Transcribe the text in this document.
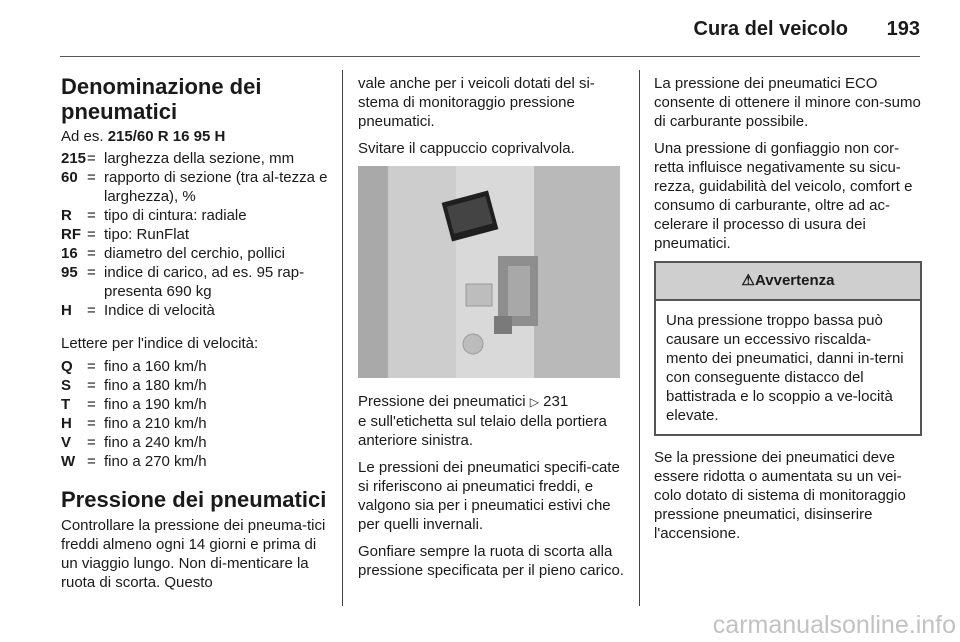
Cura del veicolo 193
Denominazione dei pneumatici
Ad es. 215/60 R 16 95 H
215 = larghezza della sezione, mm
60 = rapporto di sezione (tra al-tezza e larghezza), %
R	= tipo di cintura: radiale
RF = tipo: RunFlat
16 = diametro del cerchio, pollici
95 = indice di carico, ad es. 95 rap-presenta 690 kg
H	= Indice di velocità
Lettere per l'indice di velocità:
Q = fino a 160 km/h
S	= fino a 180 km/h
T	= fino a 190 km/h
H	= fino a 210 km/h
V	= fino a 240 km/h
W = fino a 270 km/h
Pressione dei pneumatici
Controllare la pressione dei pneuma-tici freddi almeno ogni 14 giorni e prima di un viaggio lungo. Non di-menticare la ruota di scorta. Questo
vale anche per i veicoli dotati del si-stema di monitoraggio pressione pneumatici.
Svitare il cappuccio coprivalvola.
Pressione dei pneumatici ▷ 231
e sull'etichetta sul telaio della portiera anteriore sinistra.
Le pressioni dei pneumatici specifi-cate si riferiscono ai pneumatici freddi, e valgono sia per i pneumatici estivi che per quelli invernali.
Gonfiare sempre la ruota di scorta alla pressione specificata per il pieno carico.
La pressione dei pneumatici ECO consente di ottenere il minore con-sumo di carburante possibile.
Una pressione di gonfiaggio non cor-retta influisce negativamente su sicu-rezza, guidabilità del veicolo, comfort e consumo di carburante, oltre ad ac-celerare il processo di usura dei pneumatici.
⚠Avvertenza
Una pressione troppo bassa può causare un eccessivo riscalda-mento dei pneumatici, danni in-terni con conseguente distacco del battistrada e lo scoppio a ve-locità elevate.
Se la pressione dei pneumatici deve essere ridotta o aumentata su un vei-colo dotato di sistema di monitoraggio pressione pneumatici, disinserire l'accensione.
carmanualsonline.info
